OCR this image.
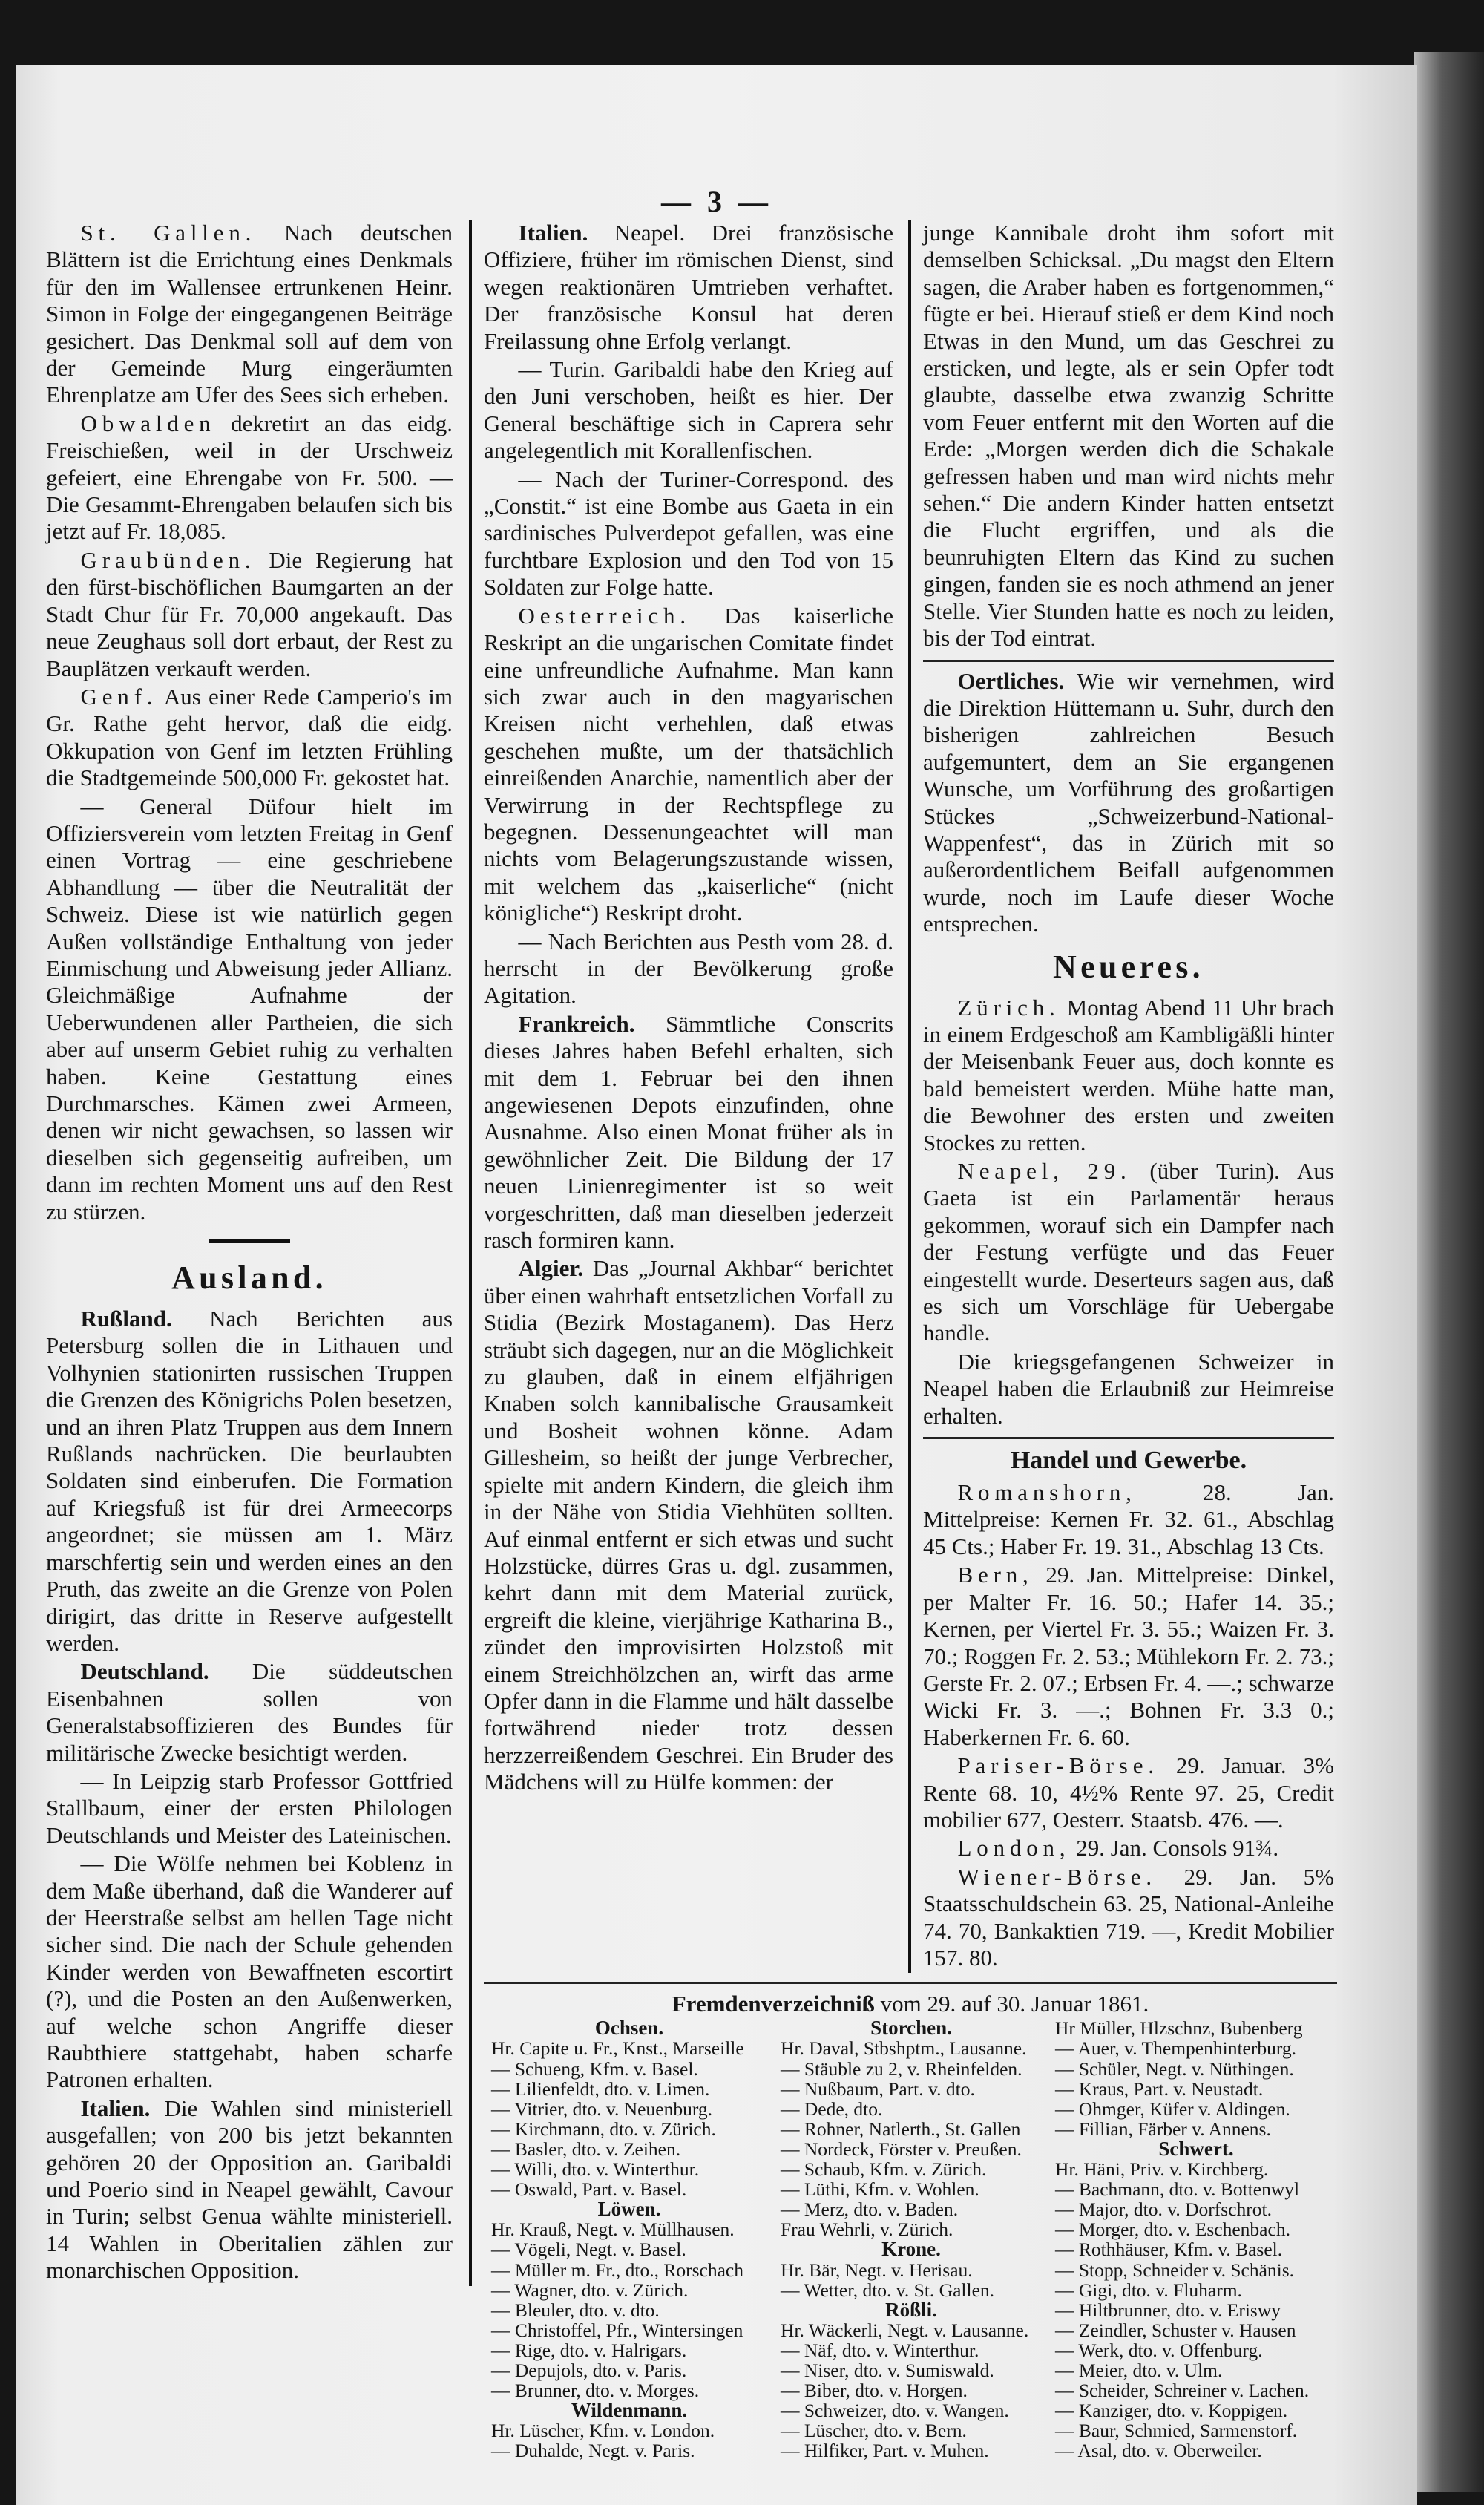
— 3 —

St. Gallen. Nach deutschen Blättern ist die Errichtung eines Denkmals für den im Wallensee ertrunkenen Heinr. Simon in Folge der eingegangenen Beiträge gesichert. Das Denkmal soll auf dem von der Gemeinde Murg eingeräumten Ehrenplatze am Ufer des Sees sich erheben.

Obwalden dekretirt an das eidg. Freischießen, weil in der Urschweiz gefeiert, eine Ehrengabe von Fr. 500. — Die Gesammt-Ehrengaben belaufen sich bis jetzt auf Fr. 18,085.

Graubünden. Die Regierung hat den fürst-bischöflichen Baumgarten an der Stadt Chur für Fr. 70,000 angekauft. Das neue Zeughaus soll dort erbaut, der Rest zu Bauplätzen verkauft werden.

Genf. Aus einer Rede Camperio's im Gr. Rathe geht hervor, daß die eidg. Okkupation von Genf im letzten Frühling die Stadtgemeinde 500,000 Fr. gekostet hat.

— General Düfour hielt im Offiziersverein vom letzten Freitag in Genf einen Vortrag — eine geschriebene Abhandlung — über die Neutralität der Schweiz. Diese ist wie natürlich gegen Außen vollständige Enthaltung von jeder Einmischung und Abweisung jeder Allianz. Gleichmäßige Aufnahme der Ueberwundenen aller Partheien, die sich aber auf unserm Gebiet ruhig zu verhalten haben. Keine Gestattung eines Durchmarsches. Kämen zwei Armeen, denen wir nicht gewachsen, so lassen wir dieselben sich gegenseitig aufreiben, um dann im rechten Moment uns auf den Rest zu stürzen.

Ausland.

Rußland. Nach Berichten aus Petersburg sollen die in Lithauen und Volhynien stationirten russischen Truppen die Grenzen des Königrichs Polen besetzen, und an ihren Platz Truppen aus dem Innern Rußlands nachrücken. Die beurlaubten Soldaten sind einberufen. Die Formation auf Kriegsfuß ist für drei Armeecorps angeordnet; sie müssen am 1. März marschfertig sein und werden eines an den Pruth, das zweite an die Grenze von Polen dirigirt, das dritte in Reserve aufgestellt werden.

Deutschland. Die süddeutschen Eisenbahnen sollen von Generalstabsoffizieren des Bundes für militärische Zwecke besichtigt werden.

— In Leipzig starb Professor Gottfried Stallbaum, einer der ersten Philologen Deutschlands und Meister des Lateinischen.

— Die Wölfe nehmen bei Koblenz in dem Maße überhand, daß die Wanderer auf der Heerstraße selbst am hellen Tage nicht sicher sind. Die nach der Schule gehenden Kinder werden von Bewaffneten escortirt (?), und die Posten an den Außenwerken, auf welche schon Angriffe dieser Raubthiere stattgehabt, haben scharfe Patronen erhalten.

Italien. Die Wahlen sind ministeriell ausgefallen; von 200 bis jetzt bekannten gehören 20 der Opposition an. Garibaldi und Poerio sind in Neapel gewählt, Cavour in Turin; selbst Genua wählte ministeriell. 14 Wahlen in Oberitalien zählen zur monarchischen Opposition.

Italien. Neapel. Drei französische Offiziere, früher im römischen Dienst, sind wegen reaktionären Umtrieben verhaftet. Der französische Konsul hat deren Freilassung ohne Erfolg verlangt.

— Turin. Garibaldi habe den Krieg auf den Juni verschoben, heißt es hier. Der General beschäftige sich in Caprera sehr angelegentlich mit Korallenfischen.

— Nach der Turiner-Correspond. des „Constit.“ ist eine Bombe aus Gaeta in ein sardinisches Pulverdepot gefallen, was eine furchtbare Explosion und den Tod von 15 Soldaten zur Folge hatte.

Oesterreich. Das kaiserliche Reskript an die ungarischen Comitate findet eine unfreundliche Aufnahme. Man kann sich zwar auch in den magyarischen Kreisen nicht verhehlen, daß etwas geschehen mußte, um der thatsächlich einreißenden Anarchie, namentlich aber der Verwirrung in der Rechtspflege zu begegnen. Dessenungeachtet will man nichts vom Belagerungszustande wissen, mit welchem das „kaiserliche“ (nicht königliche“) Reskript droht.

— Nach Berichten aus Pesth vom 28. d. herrscht in der Bevölkerung große Agitation.

Frankreich. Sämmtliche Conscrits dieses Jahres haben Befehl erhalten, sich mit dem 1. Februar bei den ihnen angewiesenen Depots einzufinden, ohne Ausnahme. Also einen Monat früher als in gewöhnlicher Zeit. Die Bildung der 17 neuen Linienregimenter ist so weit vorgeschritten, daß man dieselben jederzeit rasch formiren kann.

Algier. Das „Journal Akhbar“ berichtet über einen wahrhaft entsetzlichen Vorfall zu Stidia (Bezirk Mostaganem). Das Herz sträubt sich dagegen, nur an die Möglichkeit zu glauben, daß in einem elfjährigen Knaben solch kannibalische Grausamkeit und Bosheit wohnen könne. Adam Gillesheim, so heißt der junge Verbrecher, spielte mit andern Kindern, die gleich ihm in der Nähe von Stidia Viehhüten sollten. Auf einmal entfernt er sich etwas und sucht Holzstücke, dürres Gras u. dgl. zusammen, kehrt dann mit dem Material zurück, ergreift die kleine, vierjährige Katharina B., zündet den improvisirten Holzstoß mit einem Streichhölzchen an, wirft das arme Opfer dann in die Flamme und hält dasselbe fortwährend nieder trotz dessen herzzerreißendem Geschrei. Ein Bruder des Mädchens will zu Hülfe kommen: der

junge Kannibale droht ihm sofort mit demselben Schicksal. „Du magst den Eltern sagen, die Araber haben es fortgenommen,“ fügte er bei. Hierauf stieß er dem Kind noch Etwas in den Mund, um das Geschrei zu ersticken, und legte, als er sein Opfer todt glaubte, dasselbe etwa zwanzig Schritte vom Feuer entfernt mit den Worten auf die Erde: „Morgen werden dich die Schakale gefressen haben und man wird nichts mehr sehen.“ Die andern Kinder hatten entsetzt die Flucht ergriffen, und als die beunruhigten Eltern das Kind zu suchen gingen, fanden sie es noch athmend an jener Stelle. Vier Stunden hatte es noch zu leiden, bis der Tod eintrat.

Oertliches. Wie wir vernehmen, wird die Direktion Hüttemann u. Suhr, durch den bisherigen zahlreichen Besuch aufgemuntert, dem an Sie ergangenen Wunsche, um Vorführung des großartigen Stückes „Schweizerbund-National-Wappenfest“, das in Zürich mit so außerordentlichem Beifall aufgenommen wurde, noch im Laufe dieser Woche entsprechen.

Neueres.

Zürich. Montag Abend 11 Uhr brach in einem Erdgeschoß am Kambligäßli hinter der Meisenbank Feuer aus, doch konnte es bald bemeistert werden. Mühe hatte man, die Bewohner des ersten und zweiten Stockes zu retten.

Neapel, 29. (über Turin). Aus Gaeta ist ein Parlamentär heraus gekommen, worauf sich ein Dampfer nach der Festung verfügte und das Feuer eingestellt wurde. Deserteurs sagen aus, daß es sich um Vorschläge für Uebergabe handle.

Die kriegsgefangenen Schweizer in Neapel haben die Erlaubniß zur Heimreise erhalten.

Handel und Gewerbe.

Romanshorn,	28. Jan. Mittelpreise: Kernen Fr. 32. 61., Abschlag 45 Cts.; Haber Fr. 19. 31., Abschlag 13 Cts.

Bern, 29. Jan. Mittelpreise: Dinkel, per Malter Fr. 16. 50.; Hafer 14. 35.; Kernen, per Viertel Fr. 3. 55.; Waizen Fr. 3. 70.; Roggen Fr. 2. 53.; Mühlekorn Fr. 2. 73.; Gerste Fr. 2. 07.; Erbsen Fr. 4. —.; schwarze Wicki Fr. 3. —.; Bohnen Fr. 3.3 0.; Haberkernen Fr. 6. 60.

Pariser-Börse. 29. Januar. 3% Rente 68. 10, 4½% Rente 97. 25, Credit mobilier 677, Oesterr. Staatsb. 476. —.

London, 29. Jan. Consols 91¾.

Wiener-Börse. 29. Jan. 5% Staatsschuldschein 63. 25, National-Anleihe 74. 70, Bankaktien 719. —, Kredit Mobilier 157. 80.

Fremdenverzeichniß vom 29. auf 30. Januar 1861.
Ochsen.
Hr. Capite u. Fr., Knst., Marseille
— Schueng, Kfm. v. Basel.
— Lilienfeldt, dto. v. Limen.
— Vitrier, dto. v. Neuenburg.
— Kirchmann, dto. v. Zürich.
— Basler, dto. v. Zeihen.
— Willi, dto. v. Winterthur.
— Oswald, Part. v. Basel.
Löwen.
Hr. Krauß, Negt. v. Müllhausen.
— Vögeli, Negt. v. Basel.
— Müller m. Fr., dto., Rorschach
— Wagner, dto. v. Zürich.
— Bleuler, dto. v. dto.
— Christoffel, Pfr., Wintersingen
— Rige, dto. v. Halrigars.
— Depujols, dto. v. Paris.
— Brunner, dto. v. Morges.
Wildenmann.
Hr. Lüscher, Kfm. v. London.
— Duhalde, Negt. v. Paris.
Storchen.
Hr. Daval, Stbshptm., Lausanne.
— Stäuble zu 2, v. Rheinfelden.
— Nußbaum, Part. v. dto.
— Dede, dto.
— Rohner, Natlerth., St. Gallen
— Nordeck, Förster v. Preußen.
— Schaub, Kfm. v. Zürich.
— Lüthi, Kfm. v. Wohlen.
— Merz, dto. v. Baden.
Frau Wehrli, v. Zürich.
Krone.
Hr. Bär, Negt. v. Herisau.
— Wetter, dto. v. St. Gallen.
Rößli.
Hr. Wäckerli, Negt. v. Lausanne.
— Näf, dto. v. Winterthur.
— Niser, dto. v. Sumiswald.
— Biber, dto. v. Horgen.
— Schweizer, dto. v. Wangen.
— Lüscher, dto. v. Bern.
— Hilfiker, Part. v. Muhen.
Hr Müller, Hlzschnz, Bubenberg
— Auer, v. Thempenhinterburg.
— Schüler, Negt. v. Nüthingen.
— Kraus, Part. v. Neustadt.
— Ohmger, Küfer v. Aldingen.
— Fillian, Färber v. Annens.
Schwert.
Hr. Häni, Priv. v. Kirchberg.
— Bachmann, dto. v. Bottenwyl
— Major, dto. v. Dorfschrot.
— Morger, dto. v. Eschenbach.
— Rothhäuser, Kfm. v. Basel.
— Stopp, Schneider v. Schänis.
— Gigi, dto. v. Fluharm.
— Hiltbrunner, dto. v. Eriswy
— Zeindler, Schuster v. Hausen
— Werk, dto. v. Offenburg.
— Meier, dto. v. Ulm.
— Scheider, Schreiner v. Lachen.
— Kanziger, dto. v. Koppigen.
— Baur, Schmied, Sarmenstorf.
— Asal, dto. v. Oberweiler.
